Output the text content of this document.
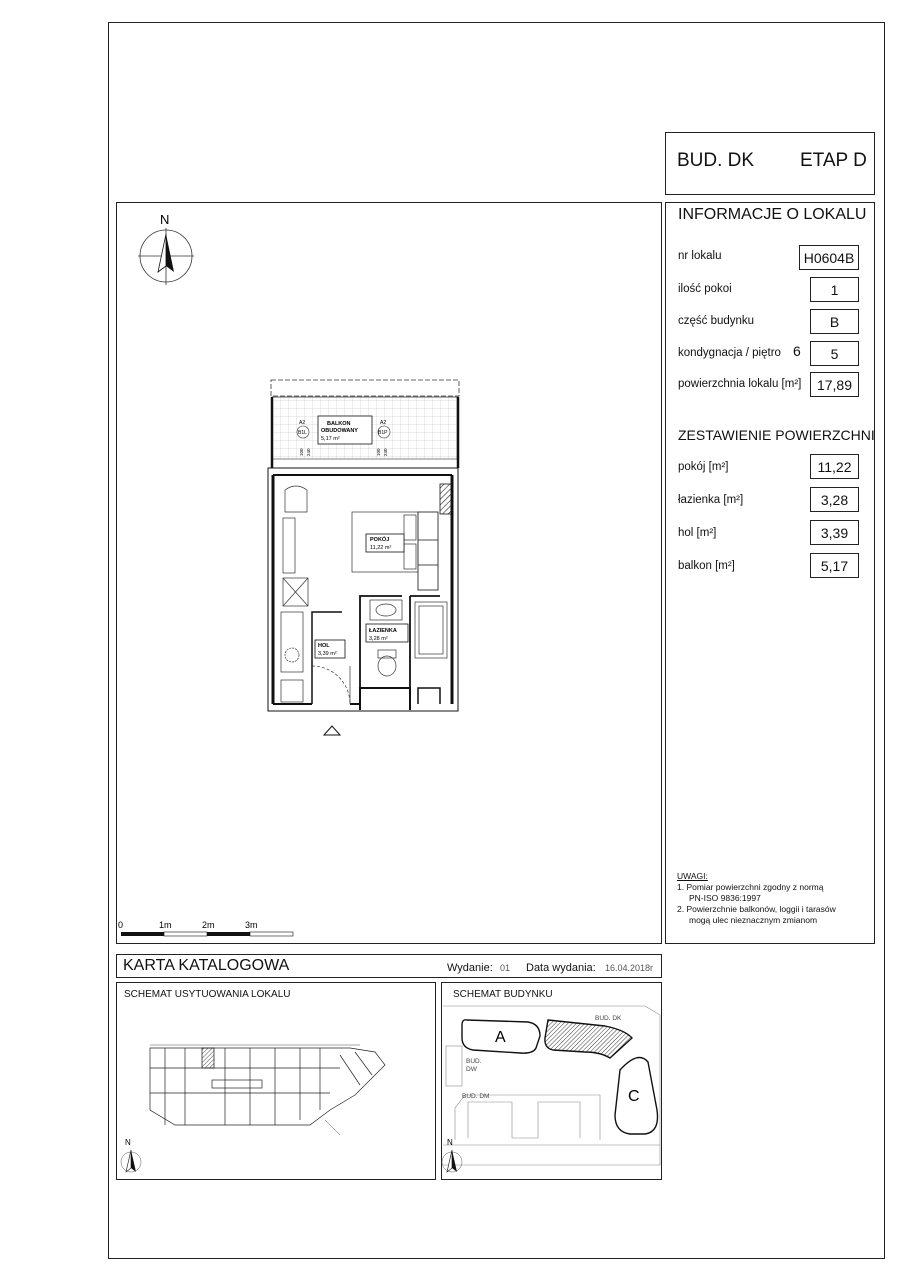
BUD. DK ETAP D
INFORMACJE O LOKALU
nr lokalu	H0604B
ilość pokoi	1
część budynku	B
kondygnacja / piętro 6	5
powierzchnia lokalu [m²]	17,89
ZESTAWIENIE POWIERZCHNI
pokój [m²]	11,22
łazienka [m²]	3,28
hol [m²]	3,39
balkon [m²]	5,17
UWAGI:
1. Pomiar powierzchni zgodny z normą
PN-ISO 9836:1997
2. Powierzchnie balkonów, loggii i tarasów
mogą ulec nieznacznym zmianom
N
BALKON
OBUDOWANY
5,17 m²
A2	A2
B1L	B1P
100 240	100 240
POKÓJ
11,22 m²
ŁAZIENKA
3,28 m²
HOL
3,39 m²
0	1m	2m	3m
KARTA KATALOGOWA	Wydanie: 01 Data wydania: 16.04.2018r
SCHEMAT USYTUOWANIA LOKALU
N
SCHEMAT BUDYNKU
A
C
BUD. DK
BUD.
DW
BUD. DM
N
